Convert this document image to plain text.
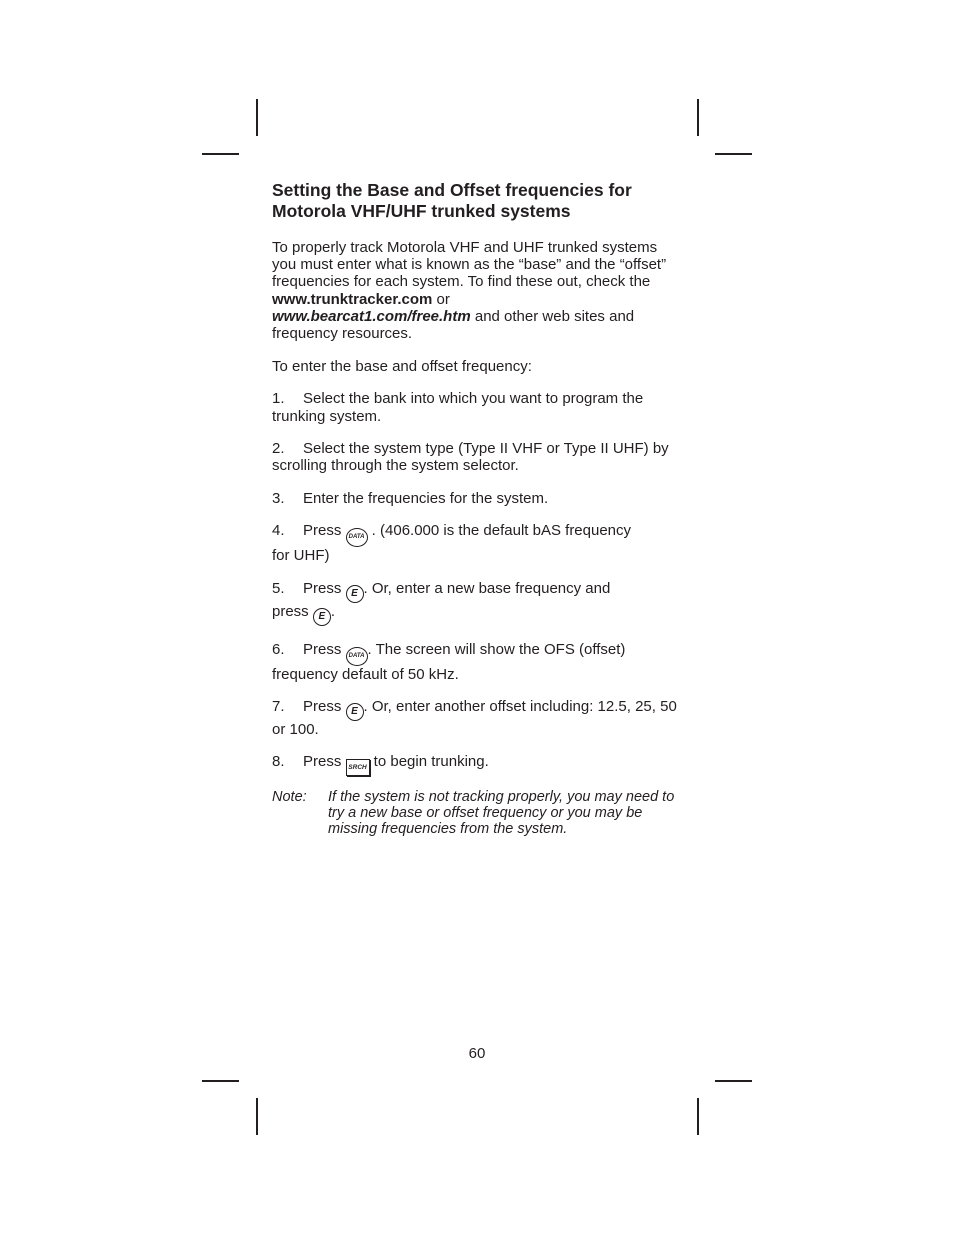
Setting the Base and Offset frequencies for
Motorola VHF/UHF trunked systems

To properly track Motorola VHF and UHF trunked systems you must enter what is known as the “base” and the “offset” frequencies for each system. To find these out, check the www.trunktracker.com or
www.bearcat1.com/free.htm and other web sites and frequency resources.

To enter the base and offset frequency:

1. Select the bank into which you want to program the trunking system.

2. Select the system type (Type II VHF or Type II UHF) by scrolling through the system selector.

3. Enter the frequencies for the system.

4. Press DATA . (406.000 is the default bAS frequency
for UHF)

5. Press E . Or, enter a new base frequency and
press E .

6. Press DATA . The screen will show the OFS (offset) frequency default of 50 kHz.

7. Press E . Or, enter another offset including: 12.5, 25, 50 or 100.

8. Press SRCH to begin trunking.

Note: If the system is not tracking properly, you may need to try a new base or offset frequency or you may be missing frequencies from the system.
60
